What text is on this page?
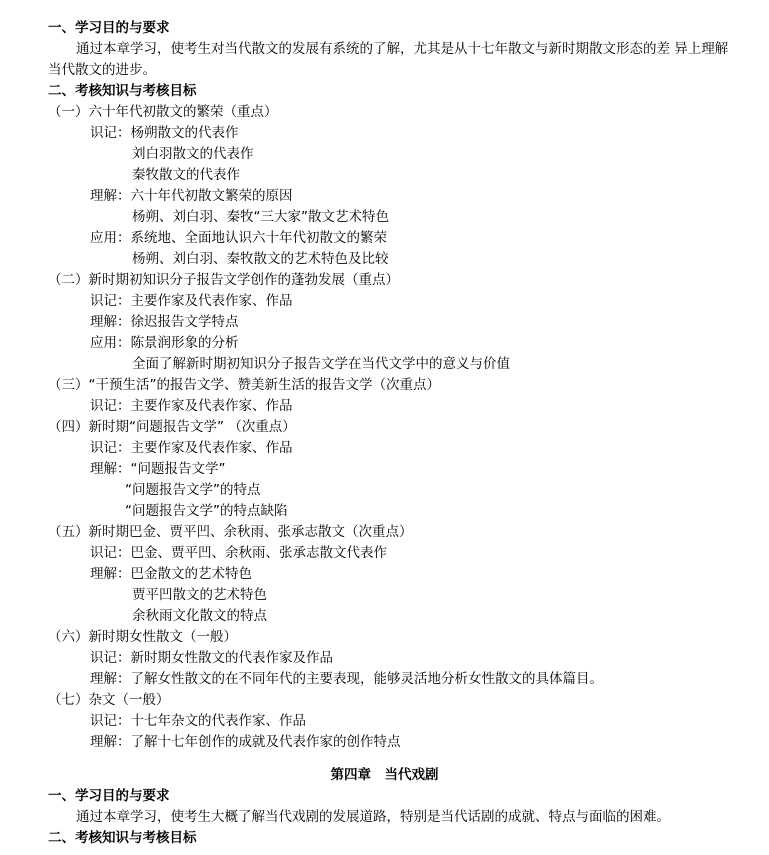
一、学习目的与要求
通过本章学习，使考生对当代散文的发展有系统的了解，尤其是从十七年散文与新时期散文形态的差 异上理解
当代散文的进步。
二、考核知识与考核目标
（一）六十年代初散文的繁荣（重点）
识记：杨朔散文的代表作
刘白羽散文的代表作
秦牧散文的代表作
理解：六十年代初散文繁荣的原因
杨朔、刘白羽、秦牧“三大家”散文艺术特色
应用：系统地、全面地认识六十年代初散文的繁荣
杨朔、刘白羽、秦牧散文的艺术特色及比较
（二）新时期初知识分子报告文学创作的蓬勃发展（重点）
识记：主要作家及代表作家、作品
理解：徐迟报告文学特点
应用：陈景润形象的分析
全面了解新时期初知识分子报告文学在当代文学中的意义与价值
（三）“干预生活”的报告文学、赞美新生活的报告文学（次重点）
识记：主要作家及代表作家、作品
（四）新时期“问题报告文学” （次重点）
识记：主要作家及代表作家、作品
理解：“问题报告文学”
“问题报告文学”的特点
“问题报告文学”的特点缺陷
（五）新时期巴金、贾平凹、余秋雨、张承志散文（次重点）
识记：巴金、贾平凹、余秋雨、张承志散文代表作
理解：巴金散文的艺术特色
贾平凹散文的艺术特色
余秋雨文化散文的特点
（六）新时期女性散文（一般）
识记：新时期女性散文的代表作家及作品
理解：了解女性散文的在不同年代的主要表现，能够灵活地分析女性散文的具体篇目。
（七）杂文（一般）
识记：十七年杂文的代表作家、作品
理解：了解十七年创作的成就及代表作家的创作特点
第四章　当代戏剧
一、学习目的与要求
通过本章学习，使考生大概了解当代戏剧的发展道路，特别是当代话剧的成就、特点与面临的困难。
二、考核知识与考核目标
